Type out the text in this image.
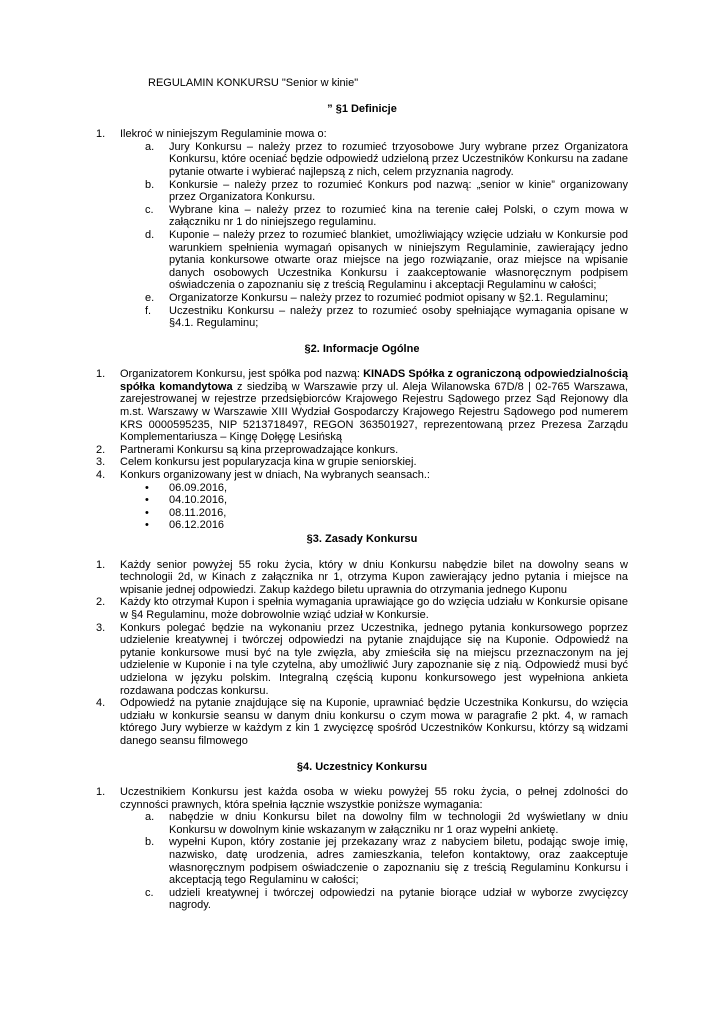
REGULAMIN KONKURSU "Senior w kinie"

” §1 Definicje
1.	Ilekroć w niniejszym Regulaminie mowa o:
a.	Jury Konkursu – należy przez to rozumieć trzyosobowe Jury wybrane przez Organizatora Konkursu, które oceniać będzie odpowiedź udzieloną przez Uczestników Konkursu na zadane pytanie otwarte i wybierać najlepszą z nich, celem przyznania nagrody.
b.	Konkursie – należy przez to rozumieć Konkurs pod nazwą: „senior w kinie” organizowany przez Organizatora Konkursu.
c.	Wybrane kina – należy przez to rozumieć kina na terenie całej Polski, o czym mowa w załączniku nr 1 do niniejszego regulaminu.
d.	Kuponie – należy przez to rozumieć blankiet, umożliwiający wzięcie udziału w Konkursie pod warunkiem spełnienia wymagań opisanych w niniejszym Regulaminie, zawierający jedno pytania konkursowe otwarte oraz miejsce na jego rozwiązanie, oraz miejsce na wpisanie danych osobowych Uczestnika Konkursu i zaakceptowanie własnoręcznym podpisem oświadczenia o zapoznaniu się z treścią Regulaminu i akceptacji Regulaminu w całości;
e.	Organizatorze Konkursu – należy przez to rozumieć podmiot opisany w §2.1. Regulaminu;
f.	Uczestniku Konkursu – należy przez to rozumieć osoby spełniające wymagania opisane w §4.1. Regulaminu;
§2. Informacje Ogólne
1.	Organizatorem Konkursu, jest spółka pod nazwą: KINADS Spółka z ograniczoną odpowiedzialnością spółka komandytowa z siedzibą w Warszawie przy ul. Aleja Wilanowska 67D/8 | 02-765 Warszawa, zarejestrowanej w rejestrze przedsiębiorców Krajowego Rejestru Sądowego przez Sąd Rejonowy dla m.st. Warszawy w Warszawie XIII Wydział Gospodarczy Krajowego Rejestru Sądowego pod numerem KRS 0000595235, NIP 5213718497, REGON 363501927, reprezentowaną przez Prezesa Zarządu Komplementariusza – Kingę Dołęgę Lesińską
2.	Partnerami Konkursu są kina przeprowadzające konkurs.
3.	Celem konkursu jest popularyzacja kina w grupie seniorskiej.
4.	Konkurs organizowany jest w dniach, Na wybranych seansach.:
•	06.09.2016,
•	04.10.2016,
•	08.11.2016,
•	06.12.2016
§3. Zasady Konkursu
1.	Każdy senior powyżej 55 roku życia, który w dniu Konkursu nabędzie bilet na dowolny seans w technologii 2d, w Kinach z załącznika nr 1, otrzyma Kupon zawierający jedno pytania i miejsce na wpisanie jednej odpowiedzi. Zakup każdego biletu uprawnia do otrzymania jednego Kuponu
2.	Każdy kto otrzymał Kupon i spełnia wymagania uprawiające go do wzięcia udziału w Konkursie opisane w §4 Regulaminu, może dobrowolnie wziąć udział w Konkursie.
3.	Konkurs polegać będzie na wykonaniu przez Uczestnika, jednego pytania konkursowego poprzez udzielenie kreatywnej i twórczej odpowiedzi na pytanie znajdujące się na Kuponie. Odpowiedź na pytanie konkursowe musi być na tyle zwięzła, aby zmieściła się na miejscu przeznaczonym na jej udzielenie w Kuponie i na tyle czytelna, aby umożliwić Jury zapoznanie się z nią. Odpowiedź musi być udzielona w języku polskim. Integralną częścią kuponu konkursowego jest wypełniona ankieta rozdawana podczas konkursu.
4.	Odpowiedź na pytanie znajdujące się na Kuponie, uprawniać będzie Uczestnika Konkursu, do wzięcia udziału w konkursie seansu w danym dniu konkursu o czym mowa w paragrafie 2 pkt. 4, w ramach którego Jury wybierze w każdym z kin 1 zwycięzcę spośród Uczestników Konkursu, którzy są widzami danego seansu filmowego
§4. Uczestnicy Konkursu
1.	Uczestnikiem Konkursu jest każda osoba w wieku powyżej 55 roku życia, o pełnej zdolności do czynności prawnych, która spełnia łącznie wszystkie poniższe wymagania:
a.	nabędzie w dniu Konkursu bilet na dowolny film w technologii 2d wyświetlany w dniu Konkursu w dowolnym kinie wskazanym w załączniku nr 1 oraz wypełni ankietę.
b.	wypełni Kupon, który zostanie jej przekazany wraz z nabyciem biletu, podając swoje imię, nazwisko, datę urodzenia, adres zamieszkania, telefon kontaktowy, oraz zaakceptuje własnoręcznym podpisem oświadczenie o zapoznaniu się z treścią Regulaminu Konkursu i akceptacją tego Regulaminu w całości;
c.	udzieli kreatywnej i twórczej odpowiedzi na pytanie biorące udział w wyborze zwycięzcy nagrody.
